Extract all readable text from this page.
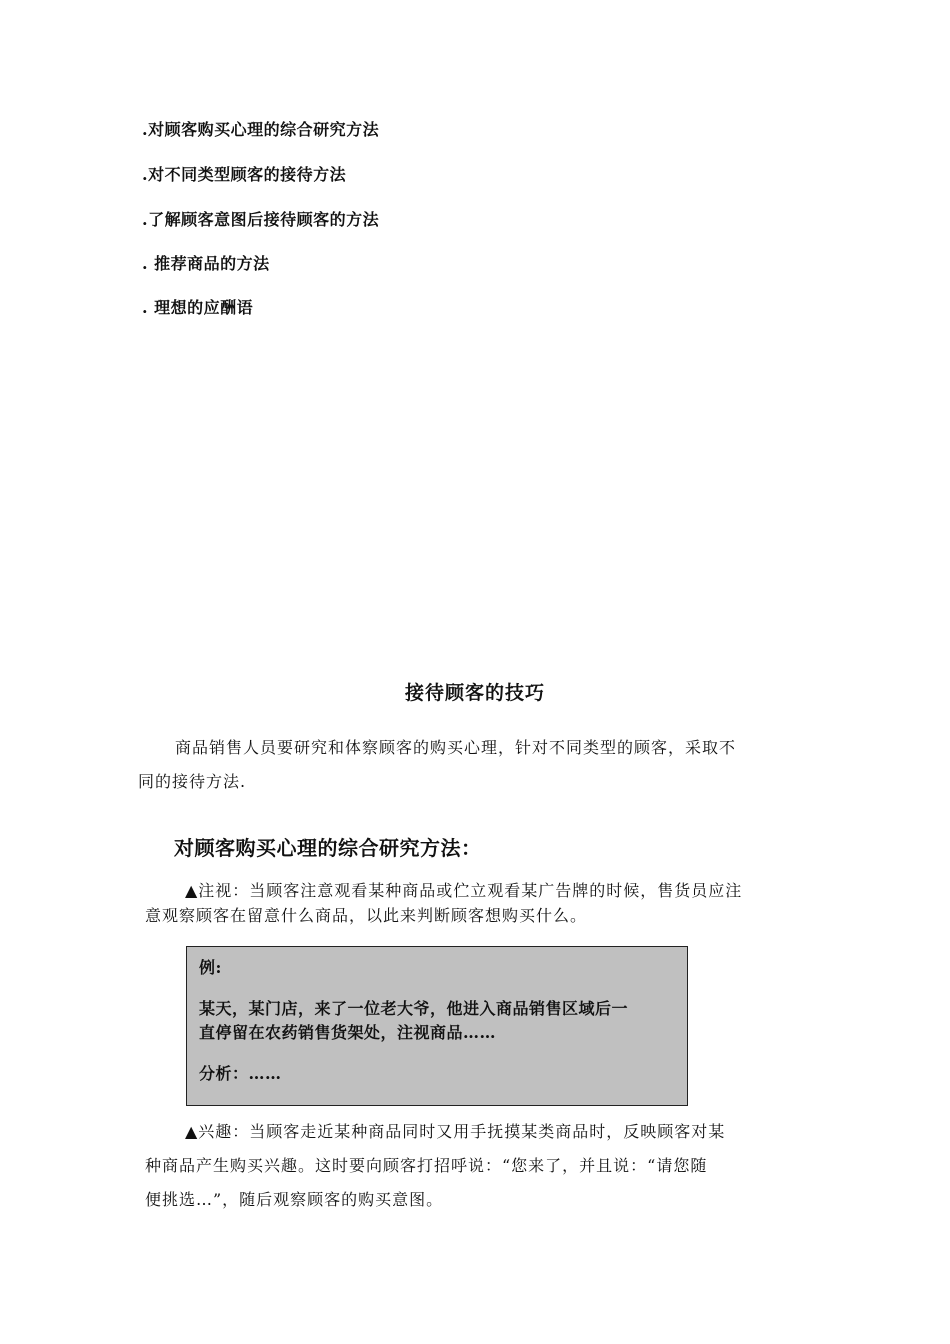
.对顾客购买心理的综合研究方法
.对不同类型顾客的接待方法
.了解顾客意图后接待顾客的方法
. 推荐商品的方法
. 理想的应酬语
接待顾客的技巧
商品销售人员要研究和体察顾客的购买心理，针对不同类型的顾客，采取不
同的接待方法.
对顾客购买心理的综合研究方法：
▲注视：当顾客注意观看某种商品或伫立观看某广告牌的时候，售货员应注
意观察顾客在留意什么商品，以此来判断顾客想购买什么。

例:

某天，某门店，来了一位老大爷，他进入商品销售区域后一

直停留在农药销售货架处，注视商品……

分析：……

▲兴趣：当顾客走近某种商品同时又用手抚摸某类商品时，反映顾客对某
种商品产生购买兴趣。这时要向顾客打招呼说：“您来了，并且说：“请您随
便挑选…”，随后观察顾客的购买意图。
